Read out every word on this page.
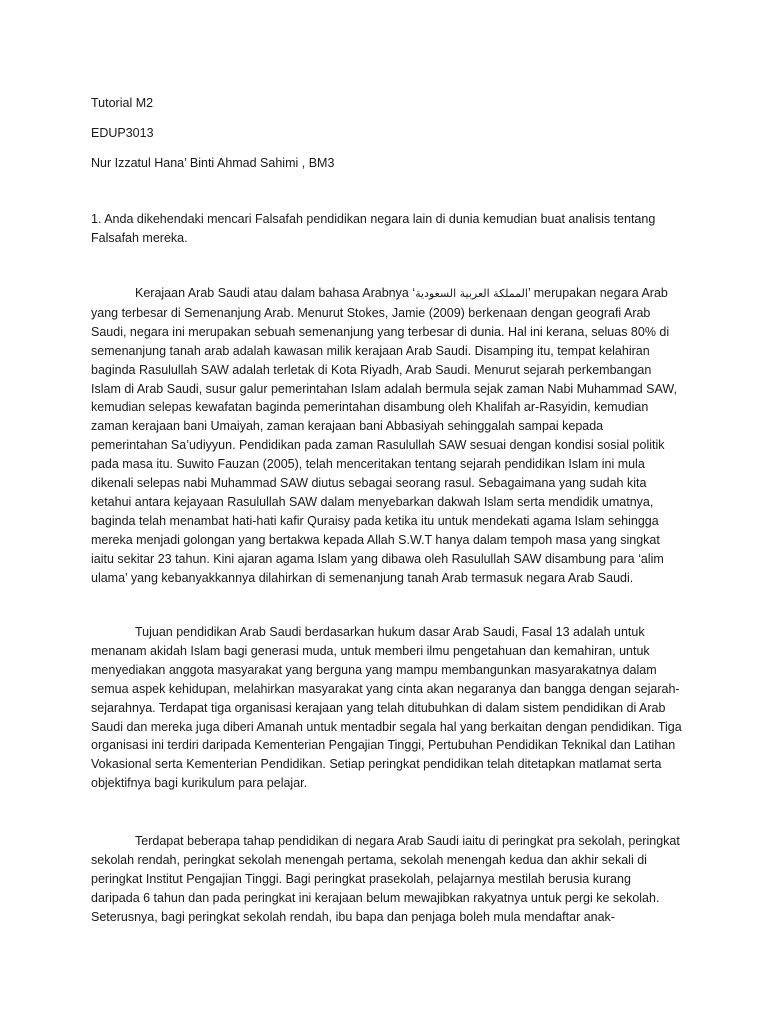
Tutorial M2
EDUP3013
Nur Izzatul Hana’ Binti Ahmad Sahimi , BM3

1. Anda dikehendaki mencari Falsafah pendidikan negara lain di dunia kemudian buat analisis tentang Falsafah mereka.

Kerajaan Arab Saudi atau dalam bahasa Arabnya ‘المملكة العربية السعودية’ merupakan negara Arab yang terbesar di Semenanjung Arab. Menurut Stokes, Jamie (2009) berkenaan dengan geografi Arab Saudi, negara ini merupakan sebuah semenanjung yang terbesar di dunia. Hal ini kerana, seluas 80% di semenanjung tanah arab adalah kawasan milik kerajaan Arab Saudi. Disamping itu, tempat kelahiran baginda Rasulullah SAW adalah terletak di Kota Riyadh, Arab Saudi. Menurut sejarah perkembangan Islam di Arab Saudi, susur galur pemerintahan Islam adalah bermula sejak zaman Nabi Muhammad SAW, kemudian selepas kewafatan baginda pemerintahan disambung oleh Khalifah ar-Rasyidin, kemudian zaman kerajaan bani Umaiyah, zaman kerajaan bani Abbasiyah sehinggalah sampai kepada pemerintahan Sa’udiyyun. Pendidikan pada zaman Rasulullah SAW sesuai dengan kondisi sosial politik pada masa itu. Suwito Fauzan (2005), telah menceritakan tentang sejarah pendidikan Islam ini mula dikenali selepas nabi Muhammad SAW diutus sebagai seorang rasul. Sebagaimana yang sudah kita ketahui antara kejayaan Rasulullah SAW dalam menyebarkan dakwah Islam serta mendidik umatnya, baginda telah menambat hati-hati kafir Quraisy pada ketika itu untuk mendekati agama Islam sehingga mereka menjadi golongan yang bertakwa kepada Allah S.W.T hanya dalam tempoh masa yang singkat iaitu sekitar 23 tahun. Kini ajaran agama Islam yang dibawa oleh Rasulullah SAW disambung para ‘alim ulama’ yang kebanyakkannya dilahirkan di semenanjung tanah Arab termasuk negara Arab Saudi.

Tujuan pendidikan Arab Saudi berdasarkan hukum dasar Arab Saudi, Fasal 13 adalah untuk menanam akidah Islam bagi generasi muda, untuk memberi ilmu pengetahuan dan kemahiran, untuk menyediakan anggota masyarakat yang berguna yang mampu membangunkan masyarakatnya dalam semua aspek kehidupan, melahirkan masyarakat yang cinta akan negaranya dan bangga dengan sejarah-sejarahnya. Terdapat tiga organisasi kerajaan yang telah ditubuhkan di dalam sistem pendidikan di Arab Saudi dan mereka juga diberi Amanah untuk mentadbir segala hal yang berkaitan dengan pendidikan. Tiga organisasi ini terdiri daripada Kementerian Pengajian Tinggi, Pertubuhan Pendidikan Teknikal dan Latihan Vokasional serta Kementerian Pendidikan. Setiap peringkat pendidikan telah ditetapkan matlamat serta objektifnya bagi kurikulum para pelajar.

Terdapat beberapa tahap pendidikan di negara Arab Saudi iaitu di peringkat pra sekolah, peringkat sekolah rendah, peringkat sekolah menengah pertama, sekolah menengah kedua dan akhir sekali di peringkat Institut Pengajian Tinggi. Bagi peringkat prasekolah, pelajarnya mestilah berusia kurang daripada 6 tahun dan pada peringkat ini kerajaan belum mewajibkan rakyatnya untuk pergi ke sekolah. Seterusnya, bagi peringkat sekolah rendah, ibu bapa dan penjaga boleh mula mendaftar anak-
